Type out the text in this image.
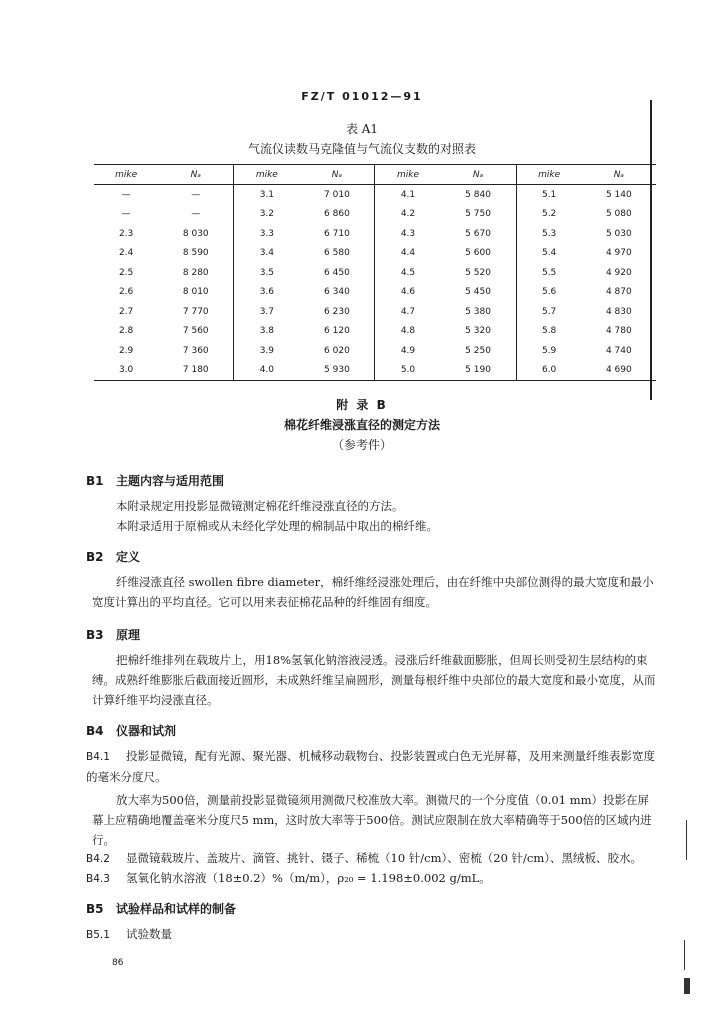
FZ/T 01012—91
表 A1
气流仪读数马克隆值与气流仪支数的对照表
mike	Nₐ	mike	Nₐ	mike	Nₐ	mike	Nₐ
—	—	3.1	7 010	4.1	5 840	5.1	5 140
—	—	3.2	6 860	4.2	5 750	5.2	5 080
2.3	8 030	3.3	6 710	4.3	5 670	5.3	5 030
2.4	8 590	3.4	6 580	4.4	5 600	5.4	4 970
2.5	8 280	3.5	6 450	4.5	5 520	5.5	4 920
2.6	8 010	3.6	6 340	4.6	5 450	5.6	4 870
2.7	7 770	3.7	6 230	4.7	5 380	5.7	4 830
2.8	7 560	3.8	6 120	4.8	5 320	5.8	4 780
2.9	7 360	3.9	6 020	4.9	5 250	5.9	4 740
3.0	7 180	4.0	5 930	5.0	5 190	6.0	4 690
附 录 B
棉花纤维浸涨直径的测定方法
（参考件）
B1 主题内容与适用范围

本附录规定用投影显微镜测定棉花纤维浸涨直径的方法。

本附录适用于原棉或从未经化学处理的棉制品中取出的棉纤维。

B2 定义

纤维浸涨直径 swollen fibre diameter，棉纤维经浸涨处理后，由在纤维中央部位测得的最大宽度和最小宽度计算出的平均直径。它可以用来表征棉花品种的纤维固有细度。

B3 原理

把棉纤维排列在载玻片上，用18%氢氧化钠溶液浸透。浸涨后纤维截面膨胀，但周长则受初生层结构的束缚。成熟纤维膨胀后截面接近圆形，未成熟纤维呈扁圆形，测量每根纤维中央部位的最大宽度和最小宽度，从而计算纤维平均浸涨直径。

B4 仪器和试剂

B4.1 投影显微镜，配有光源、聚光器、机械移动载物台、投影装置或白色无光屏幕，及用来测量纤维表影宽度的毫米分度尺。

放大率为500倍，测量前投影显微镜须用测微尺校准放大率。测微尺的一个分度值（0.01 mm）投影在屏幕上应精确地覆盖毫米分度尺5 mm，这时放大率等于500倍。测试应限制在放大率精确等于500倍的区域内进行。

B4.2 显微镜载玻片、盖玻片、滴管、挑针、镊子、稀梳（10 针/cm）、密梳（20 针/cm）、黑绒板、胶水。

B4.3 氢氧化钠水溶液（18±0.2）%（m/m），ρ₂₀ = 1.198±0.002 g/mL。

B5 试验样品和试样的制备

B5.1 试验数量

86
